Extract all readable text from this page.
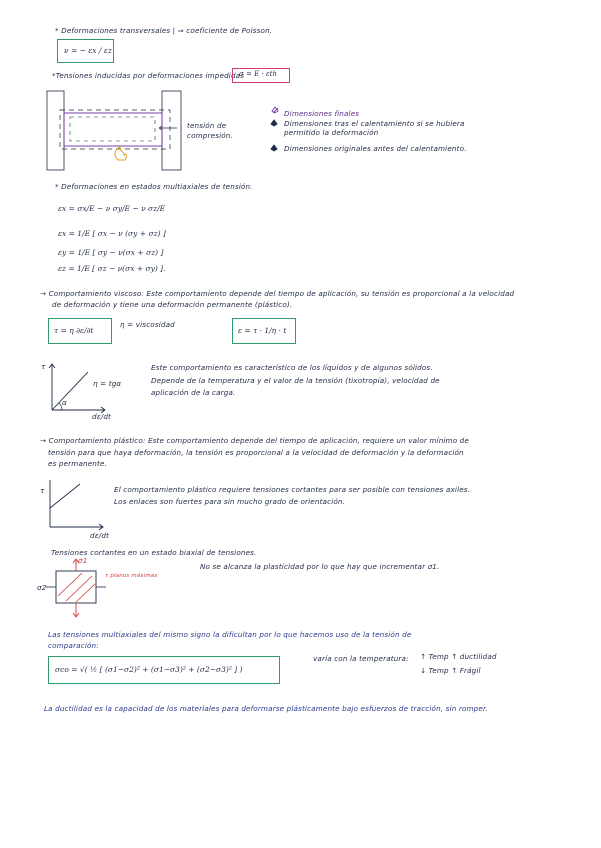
* Deformaciones transversales | ⇒ coeficiente de Poisson.
ν = − εx / εz
*Tensiones inducidas por deformaciones impedidas
σ = E · εth
tensión de
compresión.
Dimensiones finales
Dimensiones tras el calentamiento si se hubiera permitido la deformación
Dimensiones originales antes del calentamiento.
* Deformaciones en estados multiaxiales de tensión.
εx = σx/E − ν σy/E − ν σz/E
εx = 1/E [ σx − ν (σy + σz) ]
εy = 1/E [ σy − ν(σx + σz) ]
εz = 1/E [ σz − ν(σx + σy) ].
→ Comportamiento viscoso: Este comportamiento depende del tiempo de aplicación, su tensión es proporcional a la velocidad
de deformación y tiene una deformación permanente (plástico).
τ = η ∂ε/∂t
η = viscosidad
ε = τ · 1/η · t
τ
dε/dt
α
η = tgα
Este comportamiento es característico de los líquidos y de algunos sólidos.
Depende de la temperatura y el valor de la tensión (tixotropía), velocidad de
aplicación de la carga.
→ Comportamiento plástico: Este comportamiento depende del tiempo de aplicación, requiere un valor mínimo de
tensión para que haya deformación, la tensión es proporcional a la velocidad de deformación y la deformación
es permanente.
τ
dε/dt
El comportamiento plástico requiere tensiones cortantes para ser posible con tensiones axiles.
Los enlaces son fuertes para sin mucho grado de orientación.
Tensiones cortantes en un estado biaxial de tensiones.
σ1
τ planos máximas
σ2
No se alcanza la plasticidad por lo que hay que incrementar σ1.
Las tensiones multiaxiales del mismo signo la dificultan por lo que hacemos uso de la tensión de
comparación:
σco = √( ½ [ (σ1−σ2)² + (σ1−σ3)² + (σ2−σ3)² ] )
varía con la temperatura: ↑ Temp ↑ ductilidad
↓ Temp ↑ Frágil
La ductilidad es la capacidad de los materiales para deformarse plásticamente bajo esfuerzos de tracción, sin romper.
